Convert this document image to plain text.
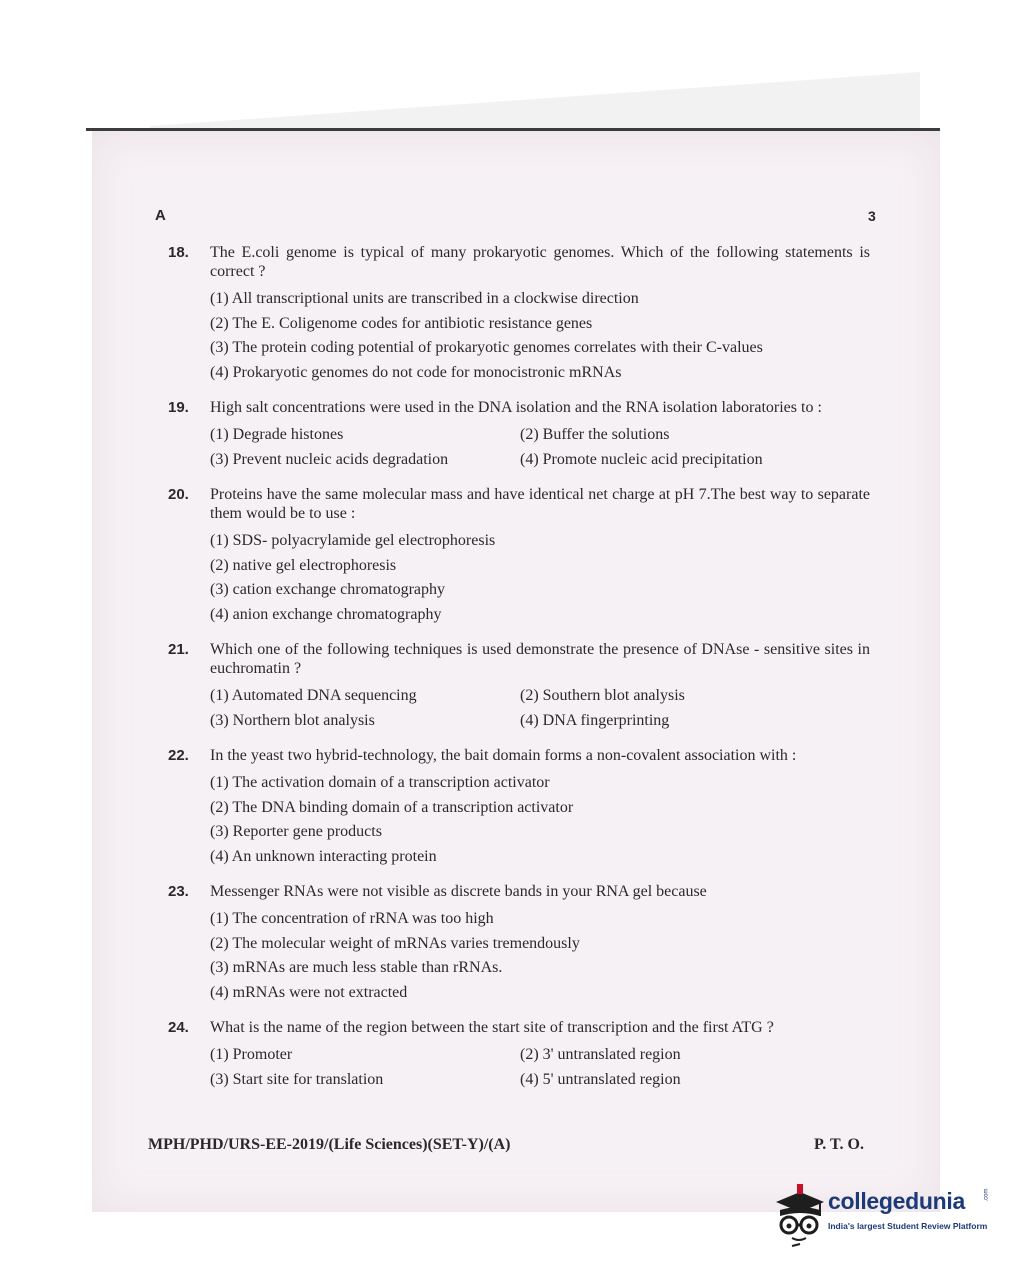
A	3
18. The E.coli genome is typical of many prokaryotic genomes. Which of the following statements is correct ?
(1) All transcriptional units are transcribed in a clockwise direction
(2) The E. Coligenome codes for antibiotic resistance genes
(3) The protein coding potential of prokaryotic genomes correlates with their C-values
(4) Prokaryotic genomes do not code for monocistronic mRNAs
19. High salt concentrations were used in the DNA isolation and the RNA isolation laboratories to :
(1) Degrade histones	(2) Buffer the solutions
(3) Prevent nucleic acids degradation	(4) Promote nucleic acid precipitation
20. Proteins have the same molecular mass and have identical net charge at pH 7.The best way to separate them would be to use :
(1) SDS- polyacrylamide gel electrophoresis
(2) native gel electrophoresis
(3) cation exchange chromatography
(4) anion exchange chromatography
21. Which one of the following techniques is used demonstrate the presence of DNAse - sensitive sites in euchromatin ?
(1) Automated DNA sequencing	(2) Southern blot analysis
(3) Northern blot analysis	(4) DNA fingerprinting
22. In the yeast two hybrid-technology, the bait domain forms a non-covalent association with :
(1) The activation domain of a transcription activator
(2) The DNA binding domain of a transcription activator
(3) Reporter gene products
(4) An unknown interacting protein
23. Messenger RNAs were not visible as discrete bands in your RNA gel because
(1) The concentration of rRNA was too high
(2) The molecular weight of mRNAs varies tremendously
(3) mRNAs are much less stable than rRNAs.
(4) mRNAs were not extracted
24. What is the name of the region between the start site of transcription and the first ATG ?
(1) Promoter	(2) 3' untranslated region
(3) Start site for translation	(4) 5' untranslated region
MPH/PHD/URS-EE-2019/(Life Sciences)(SET-Y)/(A)	P. T. O.
collegedunia	.com
India's largest Student Review Platform
